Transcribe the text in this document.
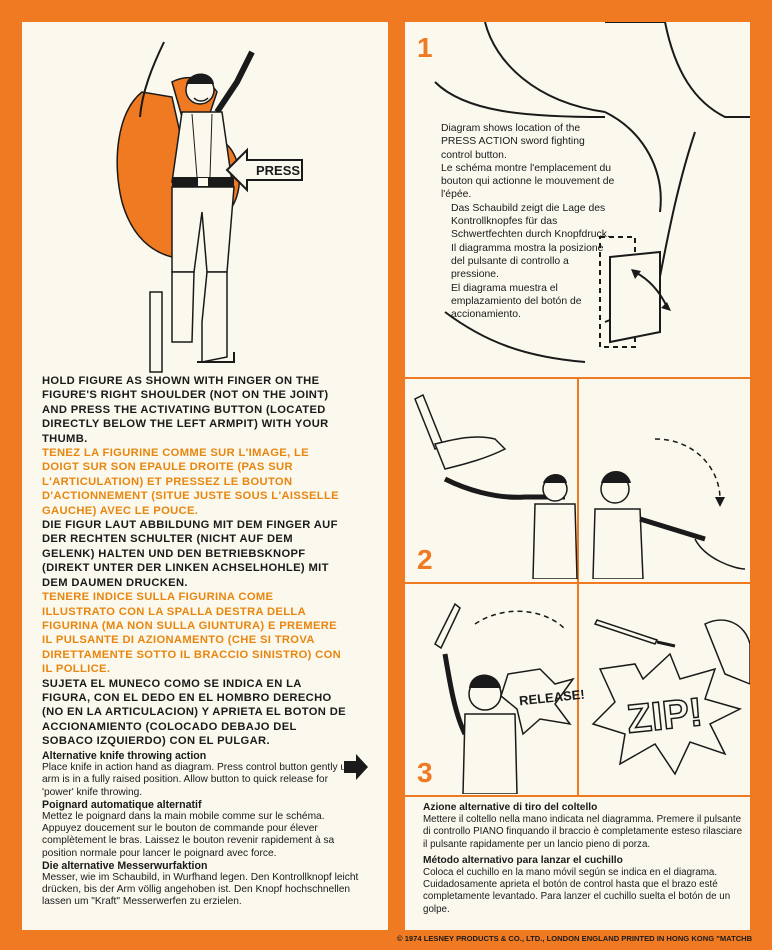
PRESS

HOLD FIGURE AS SHOWN WITH FINGER ON THE FIGURE'S RIGHT SHOULDER (NOT ON THE JOINT) AND PRESS THE ACTIVATING BUTTON (LOCATED DIRECTLY BELOW THE LEFT ARMPIT) WITH YOUR THUMB.

TENEZ LA FIGURINE COMME SUR L'IMAGE, LE DOIGT SUR SON EPAULE DROITE (PAS SUR L'ARTICULATION) ET PRESSEZ LE BOUTON D'ACTIONNEMENT (SITUE JUSTE SOUS L'AISSELLE GAUCHE) AVEC LE POUCE.

DIE FIGUR LAUT ABBILDUNG MIT DEM FINGER AUF DER RECHTEN SCHULTER (NICHT AUF DEM GELENK) HALTEN UND DEN BETRIEBSKNOPF (DIREKT UNTER DER LINKEN ACHSELHOHLE) MIT DEM DAUMEN DRUCKEN.

TENERE INDICE SULLA FIGURINA COME ILLUSTRATO CON LA SPALLA DESTRA DELLA FIGURINA (MA NON SULLA GIUNTURA) E PREMERE IL PULSANTE DI AZIONAMENTO (CHE SI TROVA DIRETTAMENTE SOTTO IL BRACCIO SINISTRO) CON IL POLLICE.

SUJETA EL MUNECO COMO SE INDICA EN LA FIGURA, CON EL DEDO EN EL HOMBRO DERECHO (NO EN LA ARTICULACION) Y APRIETA EL BOTON DE ACCIONAMIENTO (COLOCADO DEBAJO DEL SOBACO IZQUIERDO) CON EL PULGAR.

Alternative knife throwing action

Place knife in action hand as diagram. Press control button gently until arm is in a fully raised position. Allow button to quick release for 'power' knife throwing.

Poignard automatique alternatif

Mettez le poignard dans la main mobile comme sur le schéma. Appuyez doucement sur le bouton de commande pour élever complètement le bras. Laissez le bouton revenir rapidement à sa position normale pour lancer le poignard avec force.

Die alternative Messerwurfaktion

Messer, wie im Schaubild, in Wurfhand legen. Den Kontrollknopf leicht drücken, bis der Arm völlig angehoben ist. Den Knopf hochschnellen lassen um "Kraft" Messerwerfen zu erzielen.

1

Diagram shows location of the PRESS ACTION sword fighting control button.

Le schéma montre l'emplacement du bouton qui actionne le mouvement de l'épée.

Das Schaubild zeigt die Lage des Kontrollknopfes für das Schwertfechten durch Knopfdruck.

Il diagramma mostra la posizione del pulsante di controllo a pressione.

El diagrama muestra el emplazamiento del botón de accionamiento.

2
3
RELEASE! ZIP!
Azione alternative di tiro del coltello

Mettere il coltello nella mano indicata nel diagramma. Premere il pulsante di controllo PIANO finquando il braccio è completamente esteso rilasciare il pulsante rapidamente per un lancio pieno di porza.

Método alternativo para lanzar el cuchillo

Coloca el cuchillo en la mano móvil según se indica en el diagrama. Cuidadosamente aprieta el botón de control hasta que el brazo esté completamente levantado. Para lanzer el cuchillo suelta el botón de un golpe.

© 1974 LESNEY PRODUCTS & CO., LTD., LONDON ENGLAND PRINTED IN HONG KONG "MATCHB
